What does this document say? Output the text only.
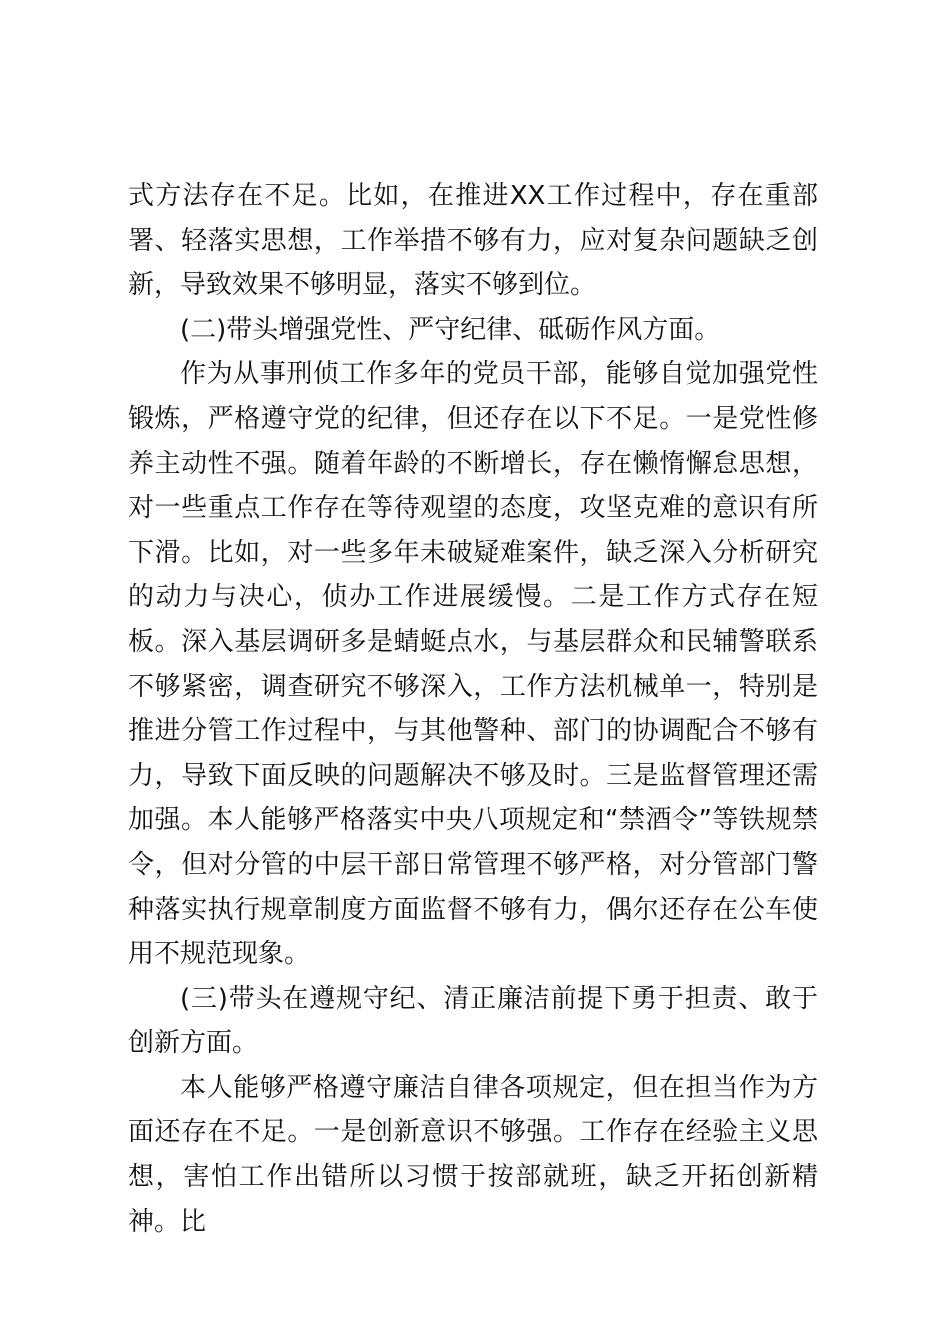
式方法存在不足。比如，在推进XX工作过程中，存在重部署、轻落实思想，工作举措不够有力，应对复杂问题缺乏创新，导致效果不够明显，落实不够到位。

(二)带头增强党性、严守纪律、砥砺作风方面。

作为从事刑侦工作多年的党员干部，能够自觉加强党性锻炼，严格遵守党的纪律，但还存在以下不足。一是党性修养主动性不强。随着年龄的不断增长，存在懒惰懈怠思想，对一些重点工作存在等待观望的态度，攻坚克难的意识有所下滑。比如，对一些多年未破疑难案件，缺乏深入分析研究的动力与决心，侦办工作进展缓慢。二是工作方式存在短板。深入基层调研多是蜻蜓点水，与基层群众和民辅警联系不够紧密，调查研究不够深入，工作方法机械单一，特别是推进分管工作过程中，与其他警种、部门的协调配合不够有力，导致下面反映的问题解决不够及时。三是监督管理还需加强。本人能够严格落实中央八项规定和“禁酒令”等铁规禁令，但对分管的中层干部日常管理不够严格，对分管部门警种落实执行规章制度方面监督不够有力，偶尔还存在公车使用不规范现象。

(三)带头在遵规守纪、清正廉洁前提下勇于担责、敢于创新方面。

本人能够严格遵守廉洁自律各项规定，但在担当作为方面还存在不足。一是创新意识不够强。工作存在经验主义思想，害怕工作出错所以习惯于按部就班，缺乏开拓创新精神。比
